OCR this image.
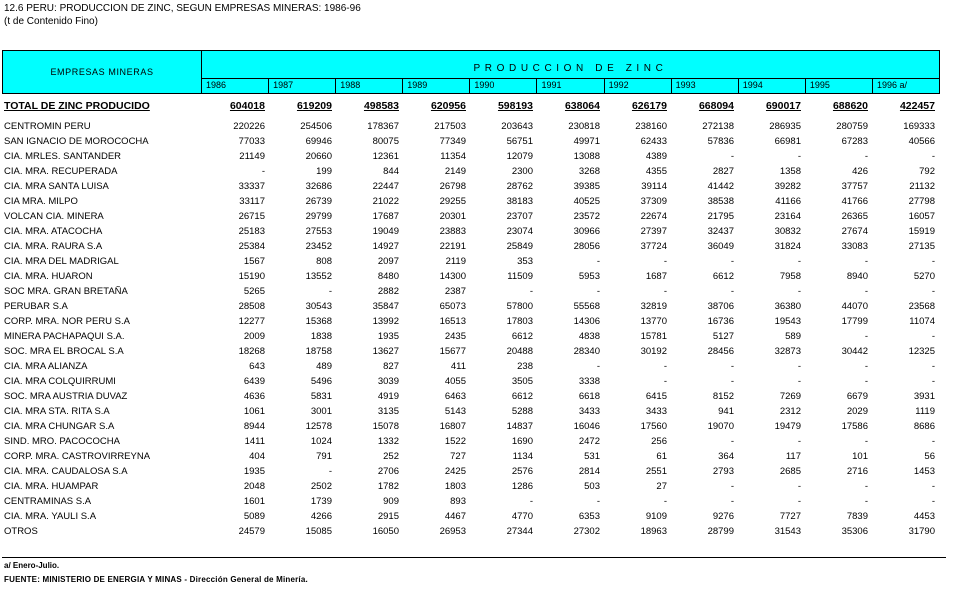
12.6 PERU: PRODUCCION DE ZINC, SEGUN EMPRESAS MINERAS: 1986-96
(t de Contenido Fino)
EMPRESAS MINERAS	PRODUCCION DE ZINC
1986	1987	1988	1989	1990	1991	1992	1993	1994	1995	1996 a/
TOTAL DE ZINC PRODUCIDO	604018	619209	498583	620956	598193	638064	626179	668094	690017	688620	422457

CENTROMIN PERU	220226	254506	178367	217503	203643	230818	238160	272138	286935	280759	169333
SAN IGNACIO DE MOROCOCHA	77033	69946	80075	77349	56751	49971	62433	57836	66981	67283	40566
CIA. MRLES. SANTANDER	21149	20660	12361	11354	12079	13088	4389	-	-	-	-
CIA. MRA. RECUPERADA	-	199	844	2149	2300	3268	4355	2827	1358	426	792
CIA. MRA SANTA LUISA	33337	32686	22447	26798	28762	39385	39114	41442	39282	37757	21132
CIA MRA. MILPO	33117	26739	21022	29255	38183	40525	37309	38538	41166	41766	27798
VOLCAN CIA. MINERA	26715	29799	17687	20301	23707	23572	22674	21795	23164	26365	16057
CIA. MRA. ATACOCHA	25183	27553	19049	23883	23074	30966	27397	32437	30832	27674	15919
CIA. MRA. RAURA S.A	25384	23452	14927	22191	25849	28056	37724	36049	31824	33083	27135
CIA. MRA DEL MADRIGAL	1567	808	2097	2119	353	-	-	-	-	-	-
CIA. MRA. HUARON	15190	13552	8480	14300	11509	5953	1687	6612	7958	8940	5270
SOC MRA. GRAN BRETAÑA	5265	-	2882	2387	-	-	-	-	-	-	-
PERUBAR S.A	28508	30543	35847	65073	57800	55568	32819	38706	36380	44070	23568
CORP. MRA. NOR PERU S.A	12277	15368	13992	16513	17803	14306	13770	16736	19543	17799	11074
MINERA PACHAPAQUI S.A.	2009	1838	1935	2435	6612	4838	15781	5127	589	-	-
SOC. MRA EL BROCAL S.A	18268	18758	13627	15677	20488	28340	30192	28456	32873	30442	12325
CIA. MRA ALIANZA	643	489	827	411	238	-	-	-	-	-	-
CIA. MRA COLQUIRRUMI	6439	5496	3039	4055	3505	3338	-	-	-	-	-
SOC. MRA AUSTRIA DUVAZ	4636	5831	4919	6463	6612	6618	6415	8152	7269	6679	3931
CIA. MRA STA. RITA S.A	1061	3001	3135	5143	5288	3433	3433	941	2312	2029	1119
CIA. MRA CHUNGAR S.A	8944	12578	15078	16807	14837	16046	17560	19070	19479	17586	8686
SIND. MRO. PACOCOCHA	1411	1024	1332	1522	1690	2472	256	-	-	-	-
CORP. MRA. CASTROVIRREYNA	404	791	252	727	1134	531	61	364	117	101	56
CIA. MRA. CAUDALOSA S.A	1935	-	2706	2425	2576	2814	2551	2793	2685	2716	1453
CIA. MRA. HUAMPAR	2048	2502	1782	1803	1286	503	27	-	-	-	-
CENTRAMINAS S.A	1601	1739	909	893	-	-	-	-	-	-	-
CIA. MRA. YAULI S.A	5089	4266	2915	4467	4770	6353	9109	9276	7727	7839	4453
OTROS	24579	15085	16050	26953	27344	27302	18963	28799	31543	35306	31790
a/ Enero-Julio.
FUENTE: MINISTERIO DE ENERGIA Y MINAS - Dirección General de Minería.
